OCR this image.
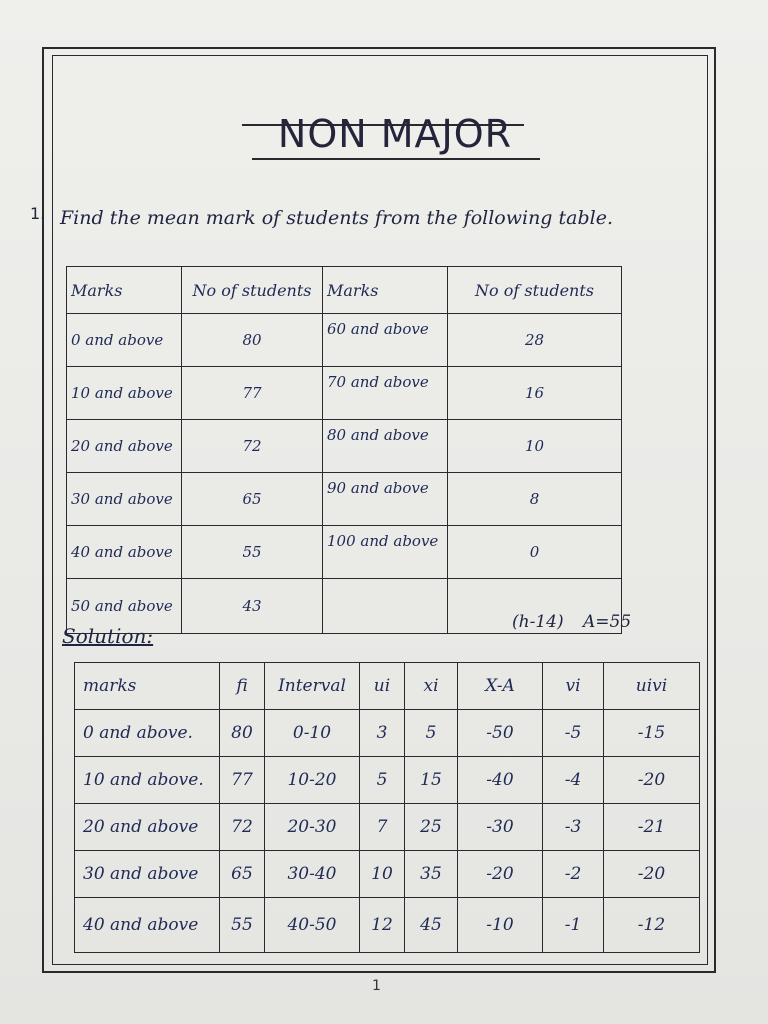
NON MAJOR
1. Find the mean mark of students from the following table.
Marks	No of students	Marks	No of students
0 and above	80	60 and above	28
10 and above	77	70 and above	16
20 and above	72	80 and above	10
30 and above	65	90 and above	8
40 and above	55	100 and above	0
50 and above	43		
Solution:
(h-14) A=55
marks	fi	Interval	ui	xi	X-A	vi	uivi
0 and above.	80	0-10	3	5	-50	-5	-15
10 and above.	77	10-20	5	15	-40	-4	-20
20 and above	72	20-30	7	25	-30	-3	-21
30 and above	65	30-40	10	35	-20	-2	-20
40 and above	55	40-50	12	45	-10	-1	-12
1
